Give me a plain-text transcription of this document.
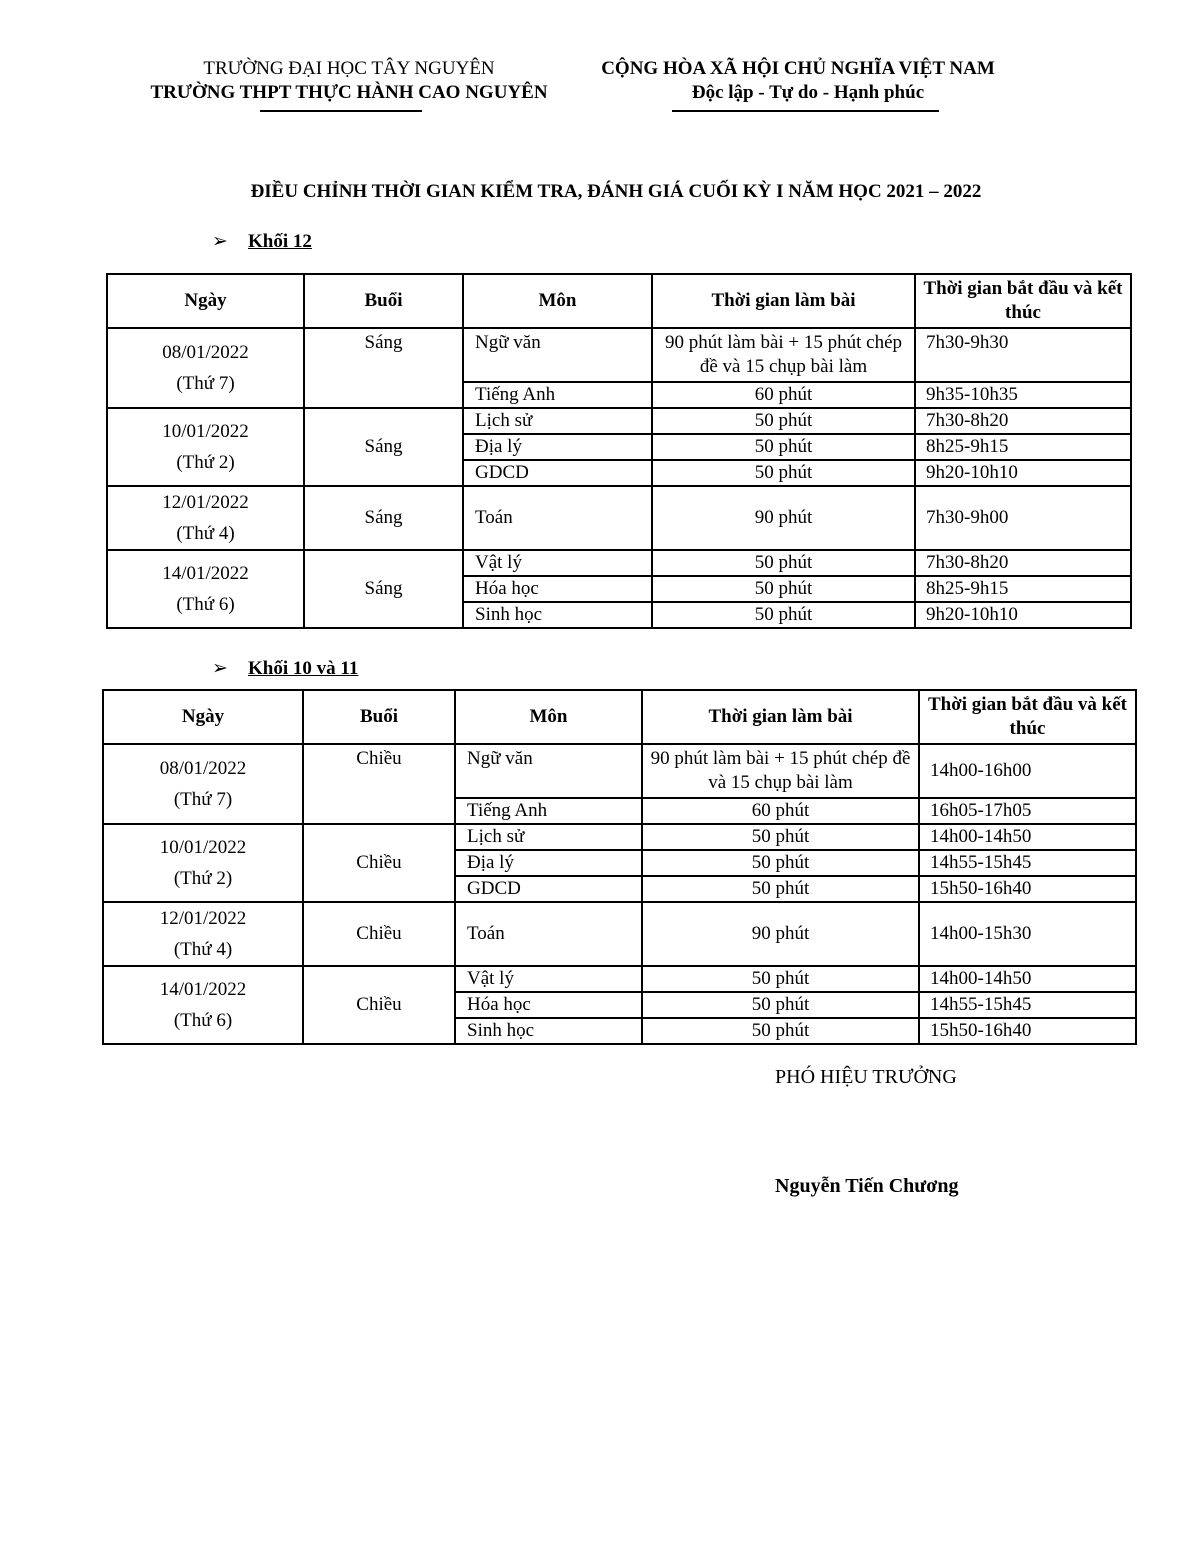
TRƯỜNG ĐẠI HỌC TÂY NGUYÊN
TRƯỜNG THPT THỰC HÀNH CAO NGUYÊN
CỘNG HÒA XÃ HỘI CHỦ NGHĨA VIỆT NAM
Độc lập - Tự do - Hạnh phúc
ĐIỀU CHỈNH THỜI GIAN KIỂM TRA, ĐÁNH GIÁ CUỐI KỲ I NĂM HỌC 2021 – 2022
➢ Khối 12
Ngày	Buổi	Môn	Thời gian làm bài	Thời gian bắt đầu và kết thúc

08/01/2022
(Thứ 7)	Sáng	Ngữ văn	90 phút làm bài + 15 phút chép đề và 15 chụp bài làm	7h30-9h30
		Tiếng Anh	60 phút	9h35-10h35

10/01/2022
(Thứ 2)	Sáng	Lịch sử	50 phút	7h30-8h20
		Địa lý	50 phút	8h25-9h15
		GDCD	50 phút	9h20-10h10

12/01/2022
(Thứ 4)	Sáng	Toán	90 phút	7h30-9h00

14/01/2022
(Thứ 6)	Sáng	Vật lý	50 phút	7h30-8h20
		Hóa học	50 phút	8h25-9h15
		Sinh học	50 phút	9h20-10h10
➢ Khối 10 và 11
Ngày	Buổi	Môn	Thời gian làm bài	Thời gian bắt đầu và kết thúc

08/01/2022
(Thứ 7)	Chiều	Ngữ văn	90 phút làm bài + 15 phút chép đề và 15 chụp bài làm	14h00-16h00
		Tiếng Anh	60 phút	16h05-17h05

10/01/2022
(Thứ 2)	Chiều	Lịch sử	50 phút	14h00-14h50
		Địa lý	50 phút	14h55-15h45
		GDCD	50 phút	15h50-16h40

12/01/2022
(Thứ 4)	Chiều	Toán	90 phút	14h00-15h30

14/01/2022
(Thứ 6)	Chiều	Vật lý	50 phút	14h00-14h50
		Hóa học	50 phút	14h55-15h45
		Sinh học	50 phút	15h50-16h40
PHÓ HIỆU TRƯỞNG
Nguyễn Tiến Chương
